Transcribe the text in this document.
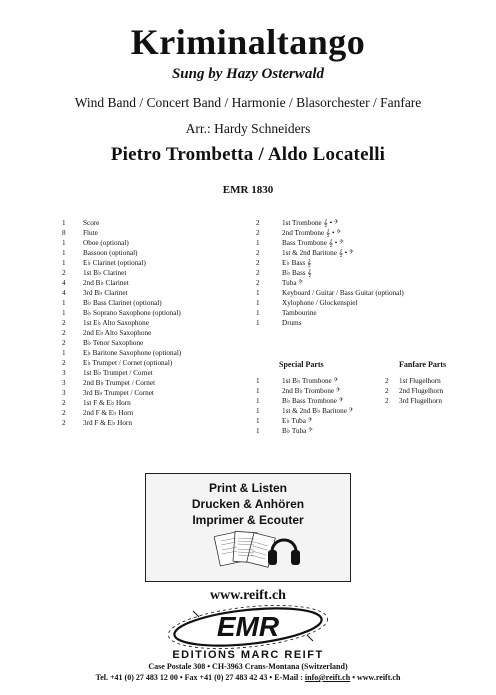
Kriminaltango
Sung by Hazy Osterwald
Wind Band / Concert Band / Harmonie / Blasorchester / Fanfare
Arr.: Hardy Schneiders
Pietro Trombetta / Aldo Locatelli
EMR 1830
1	Score
8	Flute
1	Oboe (optional)
1	Bassoon (optional)
1	E♭ Clarinet (optional)
2	1st B♭ Clarinet
4	2nd B♭ Clarinet
4	3rd B♭ Clarinet
1	B♭ Bass Clarinet (optional)
1	B♭ Soprano Saxophone (optional)
2	1st E♭ Alto Saxophone
2	2nd E♭ Alto Saxophone
2	B♭ Tenor Saxophone
1	E♭ Baritone Saxophone (optional)
2	E♭ Trumpet / Cornet (optional)
3	1st B♭ Trumpet / Cornet
3	2nd B♭ Trumpet / Cornet
3	3rd B♭ Trumpet / Cornet
2	1st F & E♭ Horn
2	2nd F & E♭ Horn
2	3rd F & E♭ Horn
2	1st Trombone 𝄞 • 𝄢
2	2nd Trombone 𝄞 • 𝄢
1	Bass Trombone 𝄞 • 𝄢
2	1st & 2nd Baritone 𝄞 • 𝄢
2	E♭ Bass 𝄞
2	B♭ Bass 𝄞
2	Tuba 𝄢
1	Keyboard / Guitar / Bass Guitar (optional)
1	Xylophone / Glockenspiel
1	Tambourine
1	Drums
Special Parts
1	1st B♭ Trombone 𝄢
1	2nd B♭ Trombone 𝄢
1	B♭ Bass Trombone 𝄢
1	1st & 2nd B♭ Baritone 𝄢
1	E♭ Tuba 𝄢
1	B♭ Tuba 𝄢
Fanfare Parts
2	1st Flugelhorn
2	2nd Flugelhorn
2	3rd Flugelhorn
Print & Listen
Drucken & Anhören
Imprimer & Ecouter
www.reift.ch
EMR
EDITIONS MARC REIFT
Case Postale 308 • CH-3963 Crans-Montana (Switzerland)
Tel. +41 (0) 27 483 12 00 • Fax +41 (0) 27 483 42 43 • E-Mail : info@reift.ch • www.reift.ch
